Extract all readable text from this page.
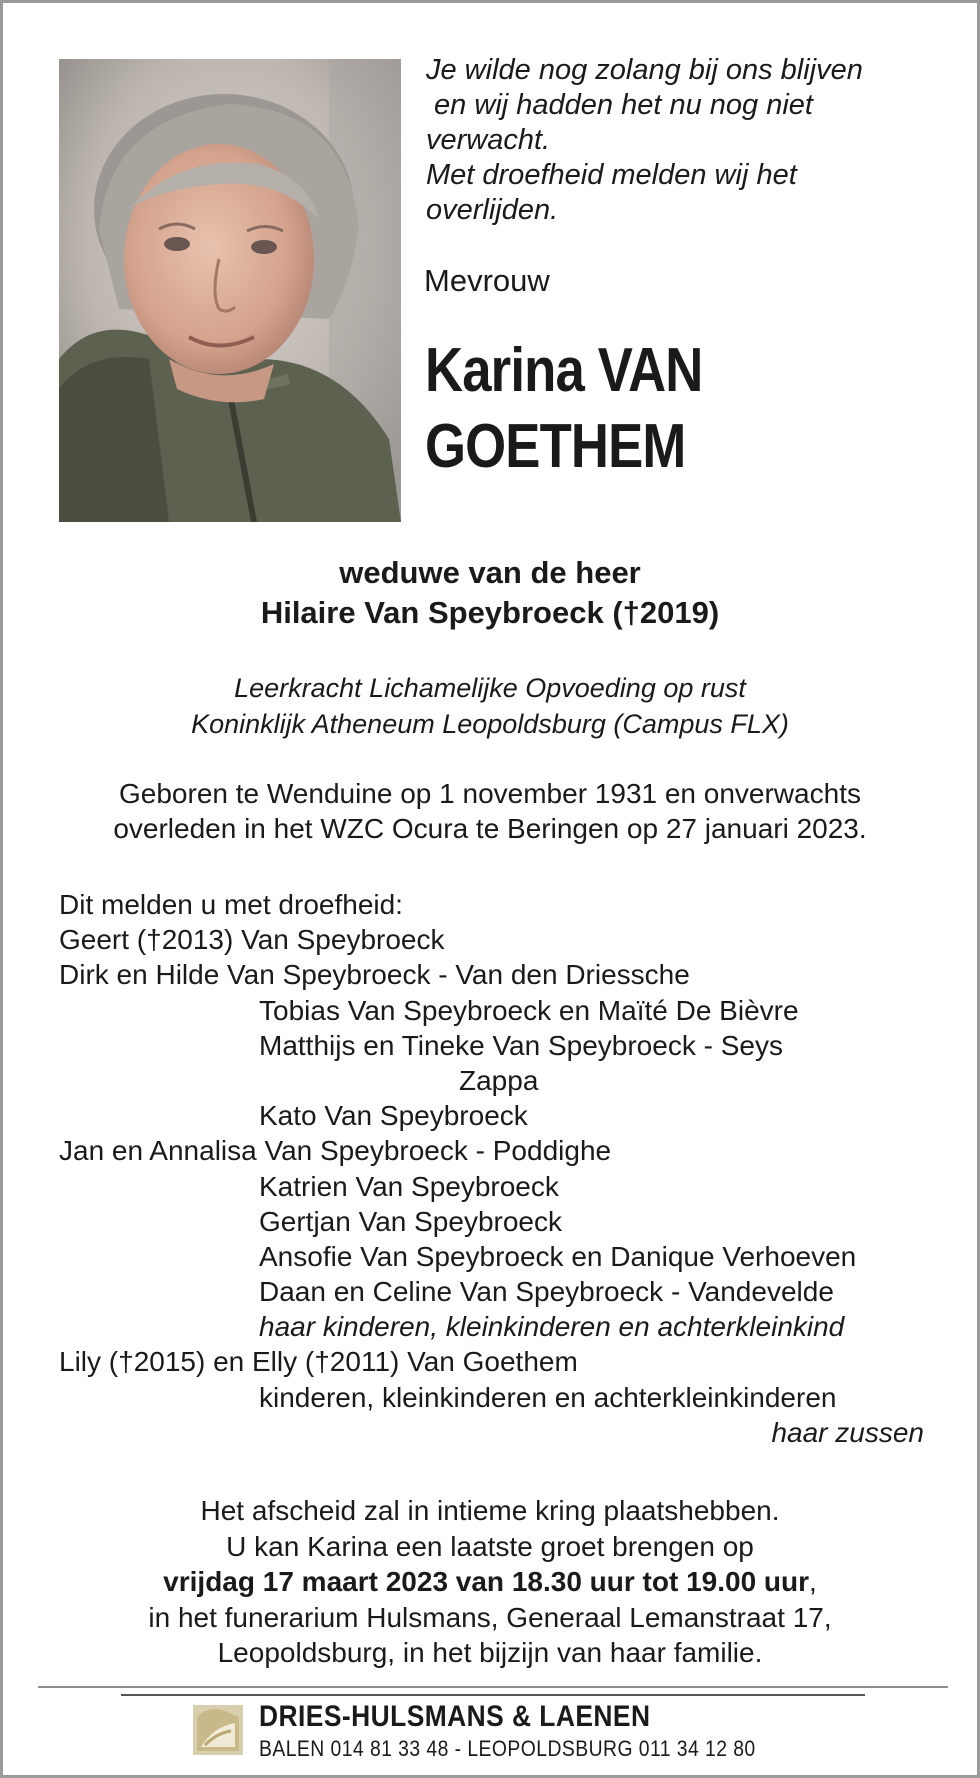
Je wilde nog zolang bij ons blijven
en wij hadden het nu nog niet
verwacht.
Met droefheid melden wij het
overlijden.
Mevrouw
Karina VAN
GOETHEM
weduwe van de heer
Hilaire Van Speybroeck (†2019)
Leerkracht Lichamelijke Opvoeding op rust
Koninklijk Atheneum Leopoldsburg (Campus FLX)
Geboren te Wenduine op 1 november 1931 en onverwachts
overleden in het WZC Ocura te Beringen op 27 januari 2023.
Dit melden u met droefheid:
Geert (†2013) Van Speybroeck
Dirk en Hilde Van Speybroeck - Van den Driessche
Tobias Van Speybroeck en Maïté De Bièvre
Matthijs en Tineke Van Speybroeck - Seys
Zappa
Kato Van Speybroeck
Jan en Annalisa Van Speybroeck - Poddighe
Katrien Van Speybroeck
Gertjan Van Speybroeck
Ansofie Van Speybroeck en Danique Verhoeven
Daan en Celine Van Speybroeck - Vandevelde
haar kinderen, kleinkinderen en achterkleinkind
Lily (†2015) en Elly (†2011) Van Goethem
kinderen, kleinkinderen en achterkleinkinderen
haar zussen
Het afscheid zal in intieme kring plaatshebben.
U kan Karina een laatste groet brengen op
vrijdag 17 maart 2023 van 18.30 uur tot 19.00 uur,
in het funerarium Hulsmans, Generaal Lemanstraat 17,
Leopoldsburg, in het bijzijn van haar familie.
DRIES-HULSMANS & LAENEN
BALEN 014 81 33 48 - LEOPOLDSBURG 011 34 12 80
